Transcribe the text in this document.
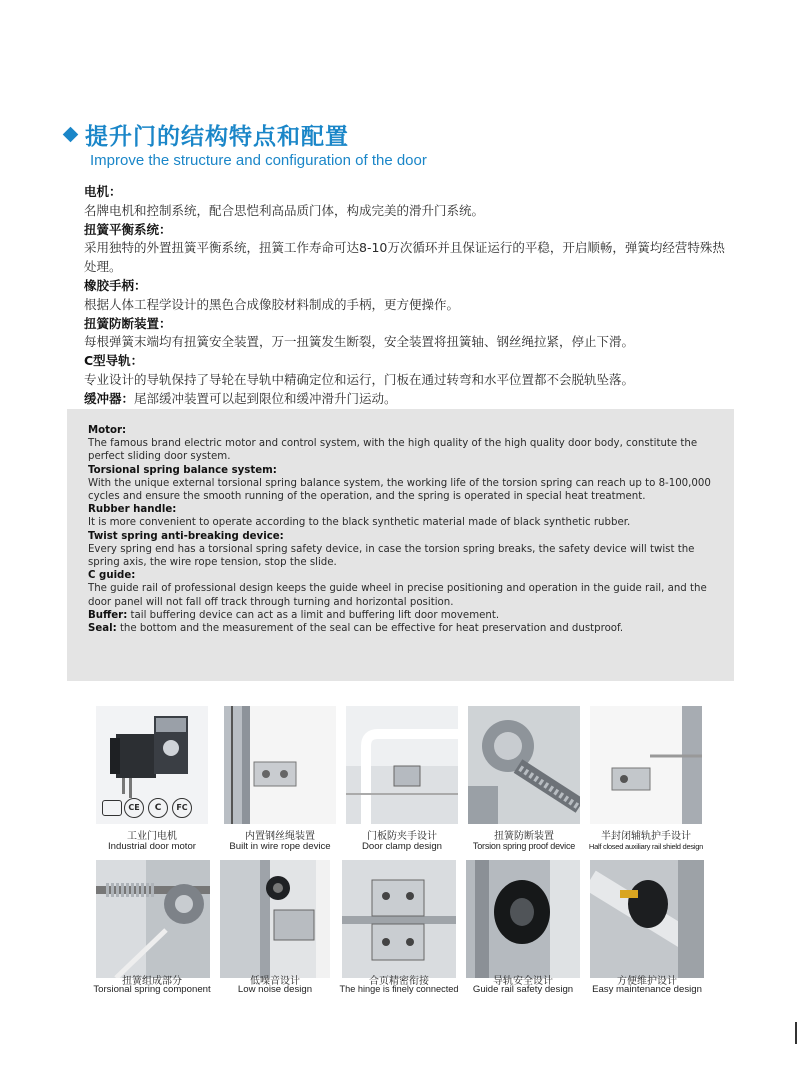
提升门的结构特点和配置
Improve the structure and configuration of the door

电机：

名牌电机和控制系统，配合思恺利高品质门体，构成完美的滑升门系统。

扭簧平衡系统：

采用独特的外置扭簧平衡系统，扭簧工作寿命可达8-10万次循环并且保证运行的平稳，开启顺畅，弹簧均经营特殊热处理。

橡胶手柄：

根据人体工程学设计的黑色合成像胶材料制成的手柄，更方便操作。

扭簧防断装置：

每根弹簧末端均有扭簧安全装置，万一扭簧发生断裂，安全装置将扭簧轴、钢丝绳拉紧，停止下滑。

C型导轨：

专业设计的导轨保持了导轮在导轨中精确定位和运行，门板在通过转弯和水平位置都不会脱轨坠落。

缓冲器：尾部缓冲装置可以起到限位和缓冲滑升门运动。

Motor:

The famous brand electric motor and control system, with the high quality of the high quality door body, constitute the perfect sliding door system.

Torsional spring balance system:

With the unique external torsional spring balance system, the working life of the torsion spring can reach up to 8-100,000 cycles and ensure the smooth running of the operation, and the spring is operated in special heat treatment.

Rubber handle:

It is more convenient to operate according to the black synthetic material made of black synthetic rubber.

Twist spring anti-breaking device:

Every spring end has a torsional spring safety device, in case the torsion spring breaks, the safety device will twist the spring axis, the wire rope tension, stop the slide.

C guide:

The guide rail of professional design keeps the guide wheel in precise positioning and operation in the guide rail, and the door panel will not fall off track through turning and horizontal position.

Buffer: tail buffering device can act as a limit and buffering lift door movement.

Seal: the bottom and the measurement of the seal can be effective for heat preservation and dustproof.

CE	C	FC
工业门电机
Industrial door motor
内置钢丝绳装置
Built in wire rope device
门板防夹手设计
Door clamp design
扭簧防断装置
Torsion spring proof device
半封闭辅轨护手设计
Half closed auxiliary rail shield design
扭簧组成部分
Torsional spring component
低噪音设计
Low noise design
合页精密衔接
The hinge is finely connected
导轨安全设计
Guide rail safety design
方便维护设计
Easy maintenance design
